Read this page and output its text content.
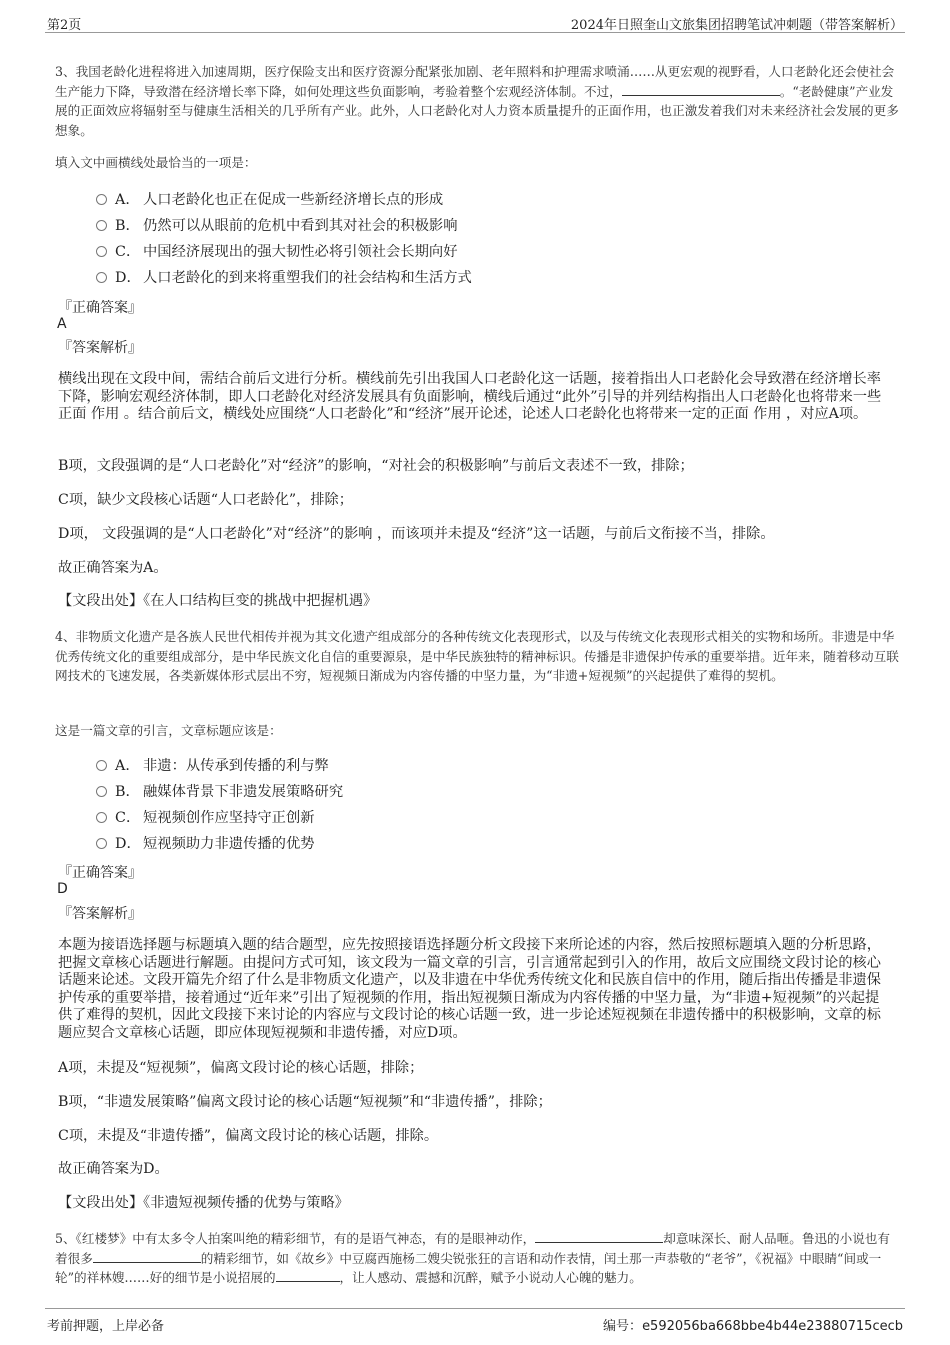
第2页	2024年日照奎山文旅集团招聘笔试冲刺题（带答案解析）
3、我国老龄化进程将进入加速周期，医疗保险支出和医疗资源分配紧张加剧、老年照料和护理需求喷涌……从更宏观的视野看，人口老龄化还会使社会生产能力下降，导致潜在经济增长率下降，如何处理这些负面影响，考验着整个宏观经济体制。不过，	。“老龄健康”产业发展的正面效应将辐射至与健康生活相关的几乎所有产业。此外，人口老龄化对人力资本质量提升的正面作用，也正激发着我们对未来经济社会发展的更多想象。
填入文中画横线处最恰当的一项是：
A． 人口老龄化也正在促成一些新经济增长点的形成
B． 仍然可以从眼前的危机中看到其对社会的积极影响
C． 中国经济展现出的强大韧性必将引领社会长期向好
D． 人口老龄化的到来将重塑我们的社会结构和生活方式
『正确答案』
A
『答案解析』
横线出现在文段中间，需结合前后文进行分析。横线前先引出我国人口老龄化这一话题，接着指出人口老龄化会导致潜在经济增长率下降，影响宏观经济体制，即人口老龄化对经济发展具有负面影响，横线后通过“此外”引导的并列结构指出人口老龄化也将带来一些正面 作用 。结合前后文，横线处应围绕“人口老龄化”和“经济”展开论述，论述人口老龄化也将带来一定的正面 作用 ，对应A项。
B项，文段强调的是“人口老龄化”对“经济”的影响，“对社会的积极影响”与前后文表述不一致，排除；
C项，缺少文段核心话题“人口老龄化”，排除；
D项， 文段强调的是“人口老龄化”对“经济”的影响 ，而该项并未提及“经济”这一话题，与前后文衔接不当，排除。
故正确答案为A。
【文段出处】《在人口结构巨变的挑战中把握机遇》
4、非物质文化遗产是各族人民世代相传并视为其文化遗产组成部分的各种传统文化表现形式，以及与传统文化表现形式相关的实物和场所。非遗是中华优秀传统文化的重要组成部分，是中华民族文化自信的重要源泉，是中华民族独特的精神标识。传播是非遗保护传承的重要举措。近年来，随着移动互联网技术的飞速发展，各类新媒体形式层出不穷，短视频日渐成为内容传播的中坚力量，为“非遗+短视频”的兴起提供了难得的契机。
这是一篇文章的引言，文章标题应该是：
A． 非遗：从传承到传播的利与弊
B． 融媒体背景下非遗发展策略研究
C． 短视频创作应坚持守正创新
D． 短视频助力非遗传播的优势
『正确答案』
D
『答案解析』
本题为接语选择题与标题填入题的结合题型，应先按照接语选择题分析文段接下来所论述的内容，然后按照标题填入题的分析思路，把握文章核心话题进行解题。由提问方式可知，该文段为一篇文章的引言，引言通常起到引入的作用，故后文应围绕文段讨论的核心话题来论述。文段开篇先介绍了什么是非物质文化遗产，以及非遗在中华优秀传统文化和民族自信中的作用，随后指出传播是非遗保护传承的重要举措，接着通过“近年来”引出了短视频的作用，指出短视频日渐成为内容传播的中坚力量，为“非遗+短视频”的兴起提供了难得的契机，因此文段接下来讨论的内容应与文段讨论的核心话题一致，进一步论述短视频在非遗传播中的积极影响，文章的标题应契合文章核心话题，即应体现短视频和非遗传播，对应D项。
A项，未提及“短视频”，偏离文段讨论的核心话题，排除；
B项，“非遗发展策略”偏离文段讨论的核心话题“短视频”和“非遗传播”，排除；
C项，未提及“非遗传播”，偏离文段讨论的核心话题，排除。
故正确答案为D。
【文段出处】《非遗短视频传播的优势与策略》
5、《红楼梦》中有太多令人拍案叫绝的精彩细节，有的是语气神态，有的是眼神动作，	却意味深长、耐人品咂。鲁迅的小说也有着很多	的精彩细节，如《故乡》中豆腐西施杨二嫂尖锐张狂的言语和动作表情，闰土那一声恭敬的“老爷”，《祝福》中眼睛“间或一轮”的祥林嫂……好的细节是小说招展的	，让人感动、震撼和沉醉，赋予小说动人心魄的魅力。
考前押题，上岸必备	编号：e592056ba668bbe4b44e23880715cecb
